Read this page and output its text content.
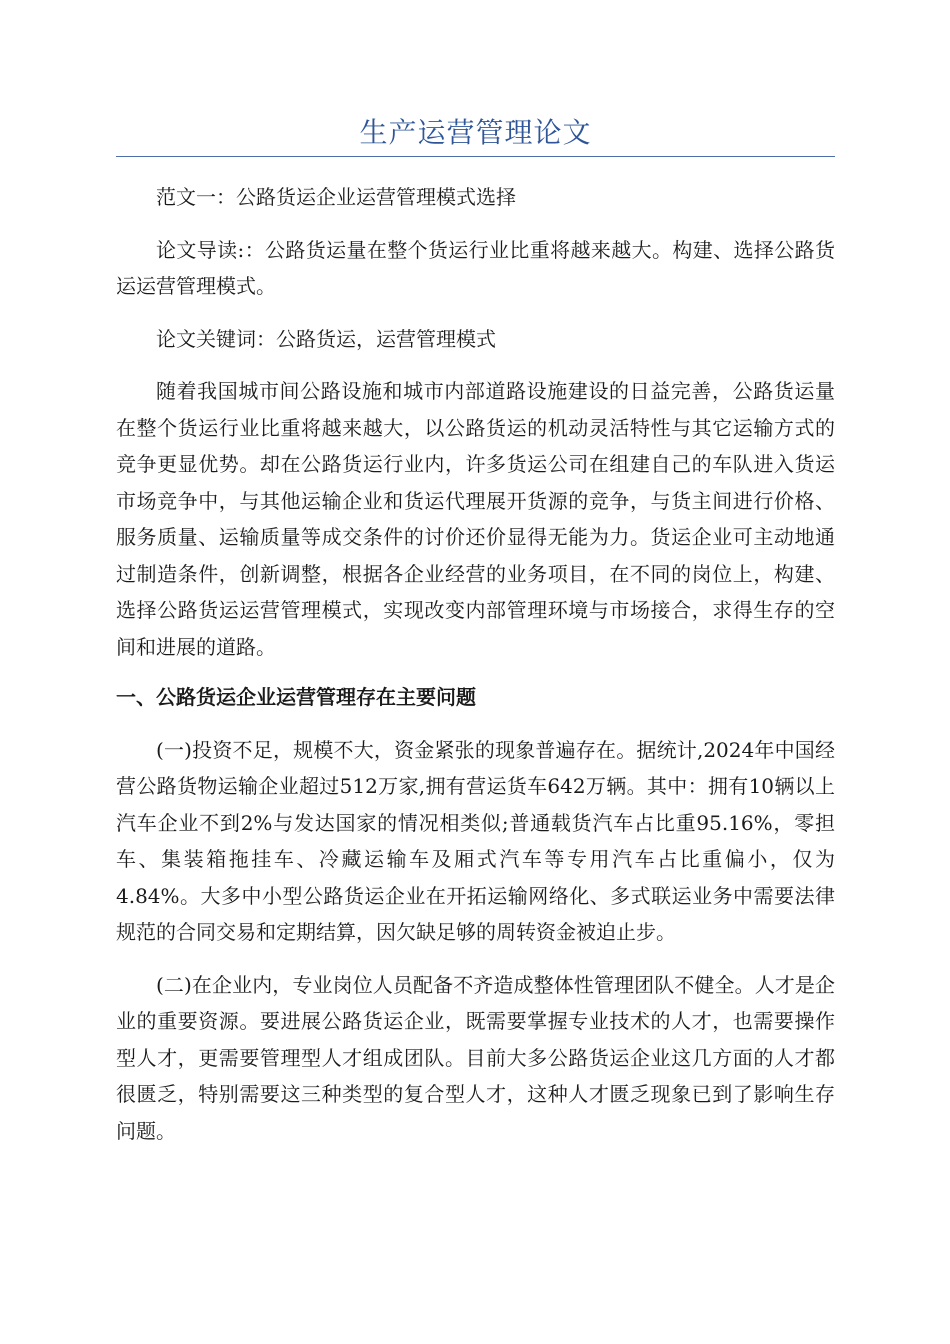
生产运营管理论文

范文一：公路货运企业运营管理模式选择

论文导读:：公路货运量在整个货运行业比重将越来越大。构建、选择公路货运运营管理模式。

论文关键词：公路货运，运营管理模式

随着我国城市间公路设施和城市内部道路设施建设的日益完善，公路货运量在整个货运行业比重将越来越大，以公路货运的机动灵活特性与其它运输方式的竞争更显优势。却在公路货运行业内，许多货运公司在组建自己的车队进入货运市场竞争中，与其他运输企业和货运代理展开货源的竞争，与货主间进行价格、服务质量、运输质量等成交条件的讨价还价显得无能为力。货运企业可主动地通过制造条件，创新调整，根据各企业经营的业务项目，在不同的岗位上，构建、选择公路货运运营管理模式，实现改变内部管理环境与市场接合，求得生存的空间和进展的道路。

一、公路货运企业运营管理存在主要问题

(一)投资不足，规模不大，资金紧张的现象普遍存在。据统计,2024年中国经营公路货物运输企业超过512万家,拥有营运货车642万辆。其中：拥有10辆以上汽车企业不到2%与发达国家的情况相类似;普通载货汽车占比重95.16%，零担车、集装箱拖挂车、冷藏运输车及厢式汽车等专用汽车占比重偏小，仅为4.84%。大多中小型公路货运企业在开拓运输网络化、多式联运业务中需要法律规范的合同交易和定期结算，因欠缺足够的周转资金被迫止步。

(二)在企业内，专业岗位人员配备不齐造成整体性管理团队不健全。人才是企业的重要资源。要进展公路货运企业，既需要掌握专业技术的人才，也需要操作型人才，更需要管理型人才组成团队。目前大多公路货运企业这几方面的人才都很匮乏，特别需要这三种类型的复合型人才，这种人才匮乏现象已到了影响生存问题。
